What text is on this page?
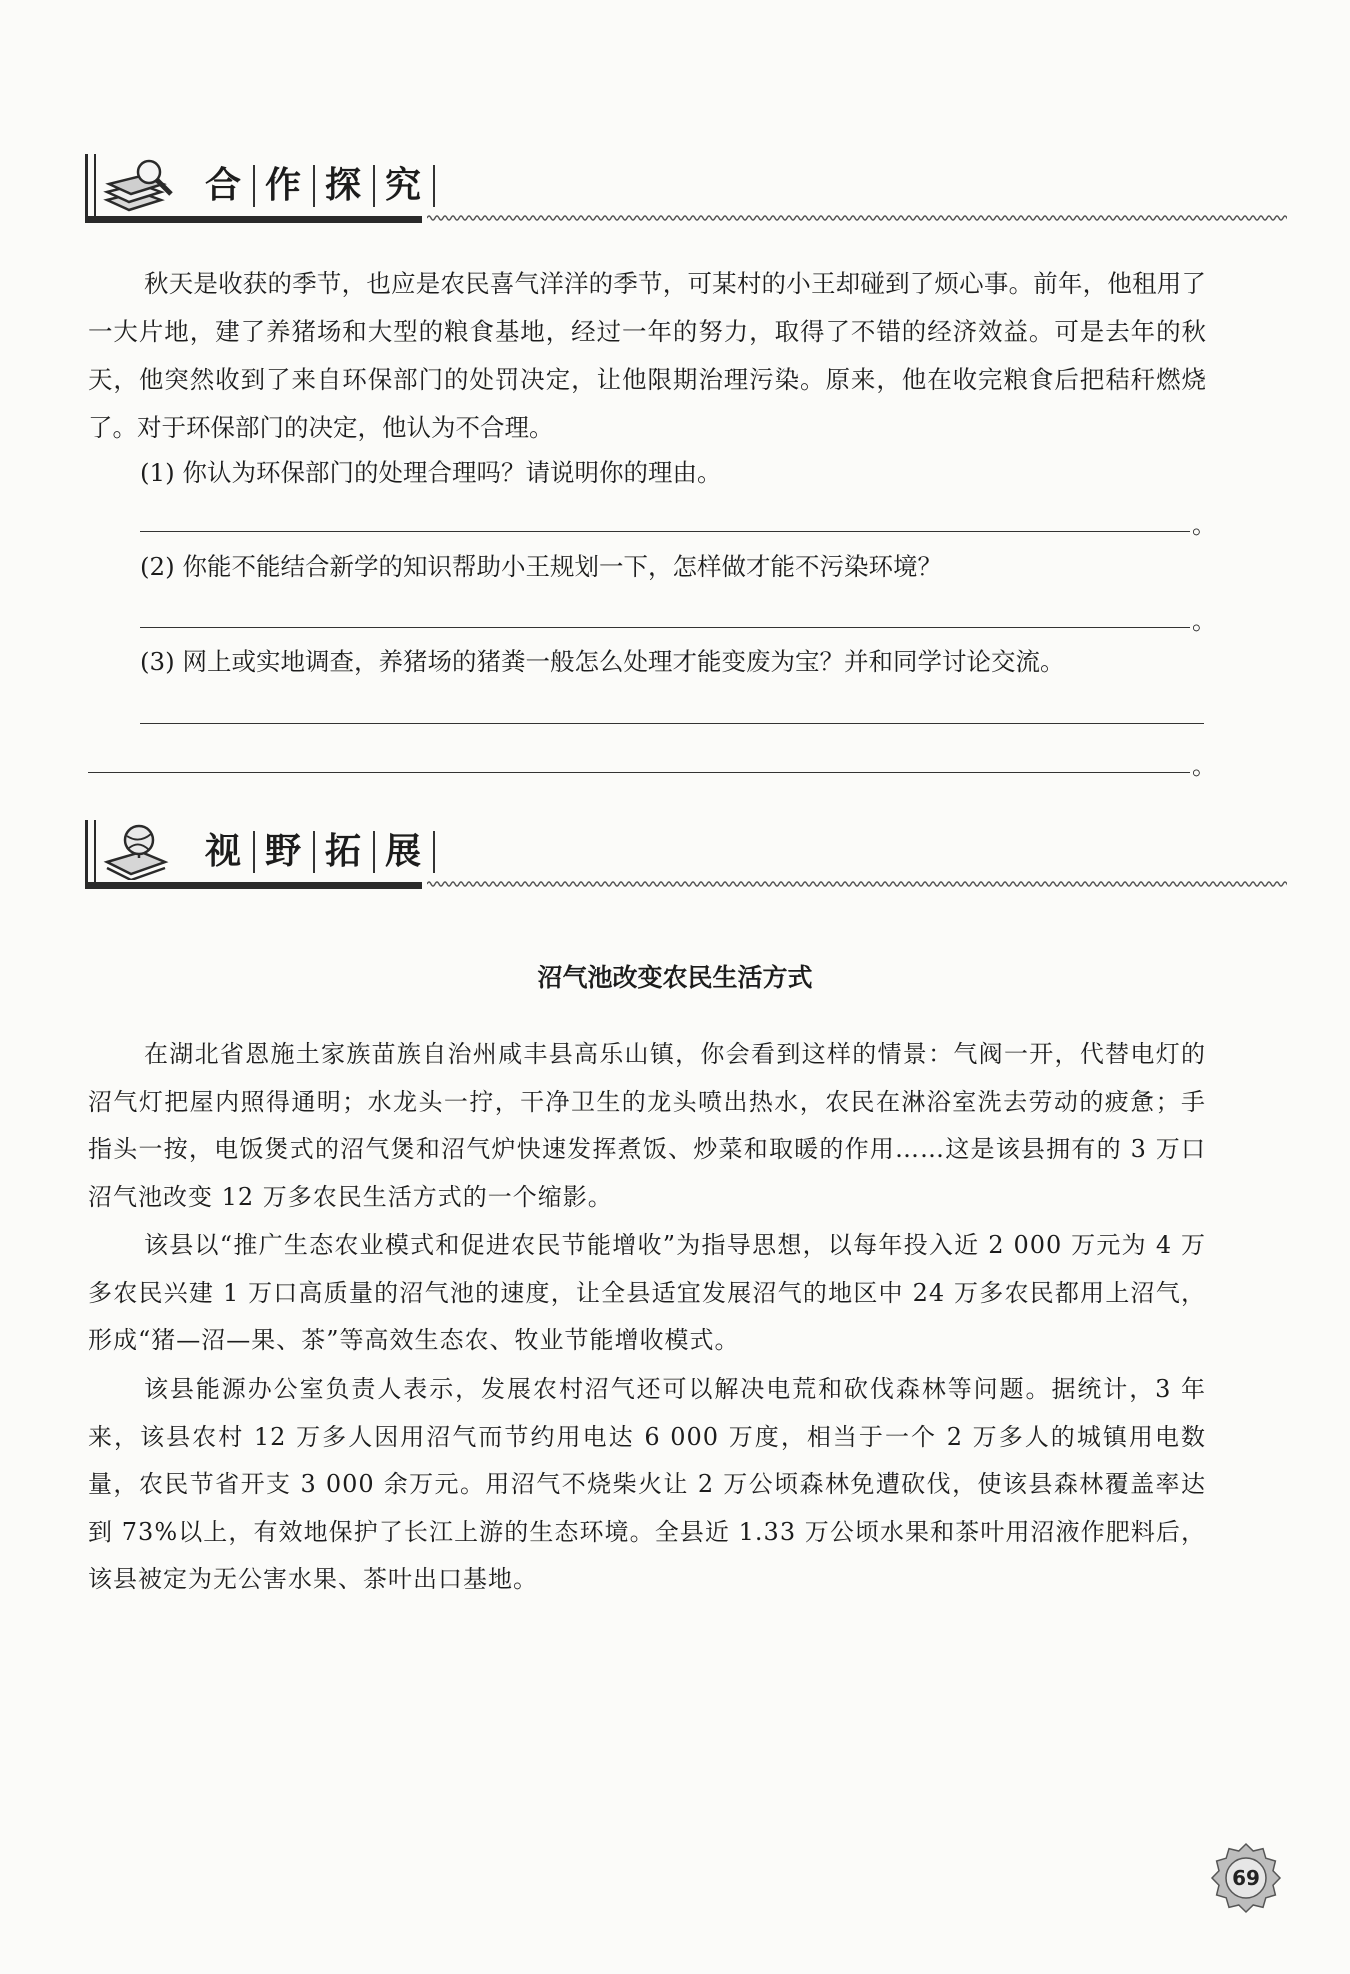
合 作 探 究
秋天是收获的季节，也应是农民喜气洋洋的季节，可某村的小王却碰到了烦心事。前年，他租用了一大片地，建了养猪场和大型的粮食基地，经过一年的努力，取得了不错的经济效益。可是去年的秋天，他突然收到了来自环保部门的处罚决定，让他限期治理污染。原来，他在收完粮食后把秸秆燃烧了。对于环保部门的决定，他认为不合理。
(1) 你认为环保部门的处理合理吗？请说明你的理由。
。
(2) 你能不能结合新学的知识帮助小王规划一下，怎样做才能不污染环境？
。
(3) 网上或实地调查，养猪场的猪粪一般怎么处理才能变废为宝？并和同学讨论交流。
。
视 野 拓 展
沼气池改变农民生活方式
在湖北省恩施土家族苗族自治州咸丰县高乐山镇，你会看到这样的情景：气阀一开，代替电灯的沼气灯把屋内照得通明；水龙头一拧，干净卫生的龙头喷出热水，农民在淋浴室洗去劳动的疲惫；手指头一按，电饭煲式的沼气煲和沼气炉快速发挥煮饭、炒菜和取暖的作用……这是该县拥有的 3 万口沼气池改变 12 万多农民生活方式的一个缩影。
该县以“推广生态农业模式和促进农民节能增收”为指导思想，以每年投入近 2 000 万元为 4 万多农民兴建 1 万口高质量的沼气池的速度，让全县适宜发展沼气的地区中 24 万多农民都用上沼气，形成“猪—沼—果、茶”等高效生态农、牧业节能增收模式。
该县能源办公室负责人表示，发展农村沼气还可以解决电荒和砍伐森林等问题。据统计，3 年来，该县农村 12 万多人因用沼气而节约用电达 6 000 万度，相当于一个 2 万多人的城镇用电数量，农民节省开支 3 000 余万元。用沼气不烧柴火让 2 万公顷森林免遭砍伐，使该县森林覆盖率达到 73%以上，有效地保护了长江上游的生态环境。全县近 1.33 万公顷水果和茶叶用沼液作肥料后，该县被定为无公害水果、茶叶出口基地。
69
